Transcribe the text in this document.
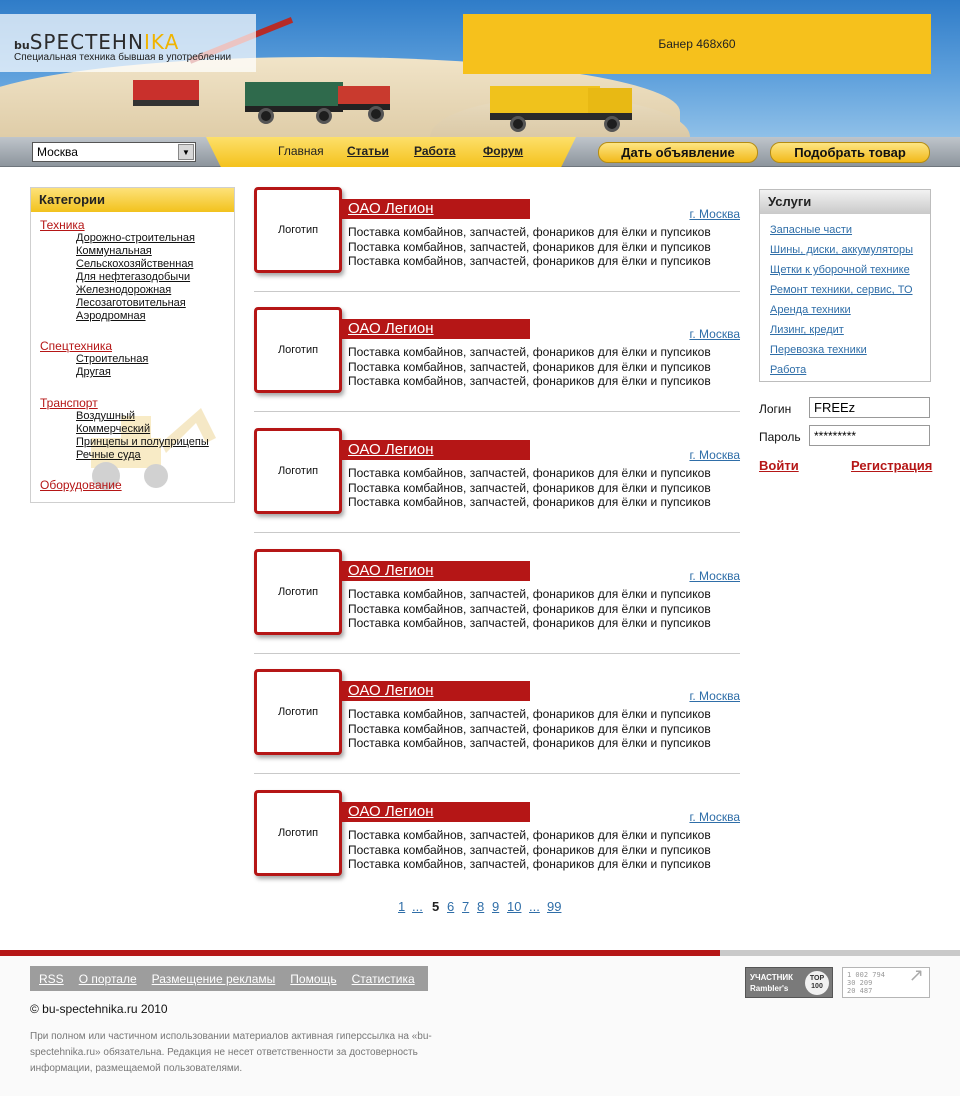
buSPECTEHNIKA
Специальная техника бывшая в употреблении
Банер 468x60
Москва	▼	Главная Статьи Работа Форум	Дать объявление	Подобрать товар
Категории
Техника
Дорожно-строительная
Коммунальная
Сельскохозяйственная
Для нефтегазодобычи
Железнодорожная
Лесозаготовительная
Аэродромная
Спецтехника
Строительная
Другая
Транспорт
Воздушный
Коммерческий
Принцепы и полуприцепы
Речные суда
Оборудование
Логотип
ОАО Легион	г. Москва
Поставка комбайнов, запчастей, фонариков для ёлки и пупсиков
Поставка комбайнов, запчастей, фонариков для ёлки и пупсиков
Поставка комбайнов, запчастей, фонариков для ёлки и пупсиков
Логотип
ОАО Легион	г. Москва
Поставка комбайнов, запчастей, фонариков для ёлки и пупсиков
Поставка комбайнов, запчастей, фонариков для ёлки и пупсиков
Поставка комбайнов, запчастей, фонариков для ёлки и пупсиков
Логотип
ОАО Легион	г. Москва
Поставка комбайнов, запчастей, фонариков для ёлки и пупсиков
Поставка комбайнов, запчастей, фонариков для ёлки и пупсиков
Поставка комбайнов, запчастей, фонариков для ёлки и пупсиков
Логотип
ОАО Легион	г. Москва
Поставка комбайнов, запчастей, фонариков для ёлки и пупсиков
Поставка комбайнов, запчастей, фонариков для ёлки и пупсиков
Поставка комбайнов, запчастей, фонариков для ёлки и пупсиков
Логотип
ОАО Легион	г. Москва
Поставка комбайнов, запчастей, фонариков для ёлки и пупсиков
Поставка комбайнов, запчастей, фонариков для ёлки и пупсиков
Поставка комбайнов, запчастей, фонариков для ёлки и пупсиков
Логотип
ОАО Легион	г. Москва
Поставка комбайнов, запчастей, фонариков для ёлки и пупсиков
Поставка комбайнов, запчастей, фонариков для ёлки и пупсиков
Поставка комбайнов, запчастей, фонариков для ёлки и пупсиков
1 ... 5 6 7 8 9 10 ... 99
Услуги
Запасные части
Шины, диски, аккумуляторы
Щетки к уборочной технике
Ремонт техники, сервис, ТО
Аренда техники
Лизинг, кредит
Перевозка техники
Работа
Логин	FREEz
Пароль	*********
Войти	Регистрация
RSS О портале Размещение рекламы Помощь Статистика
© bu-spectehnika.ru 2010
При полном или частичном использовании материалов активная гиперссылка на «bu-spectehnika.ru» обязательна. Редакция не несет ответственности за достоверность информации, размещаемой пользователями.
УЧАСТНИК
Rambler's
TOP 100
1 002 794
30 209
20 487
↗
